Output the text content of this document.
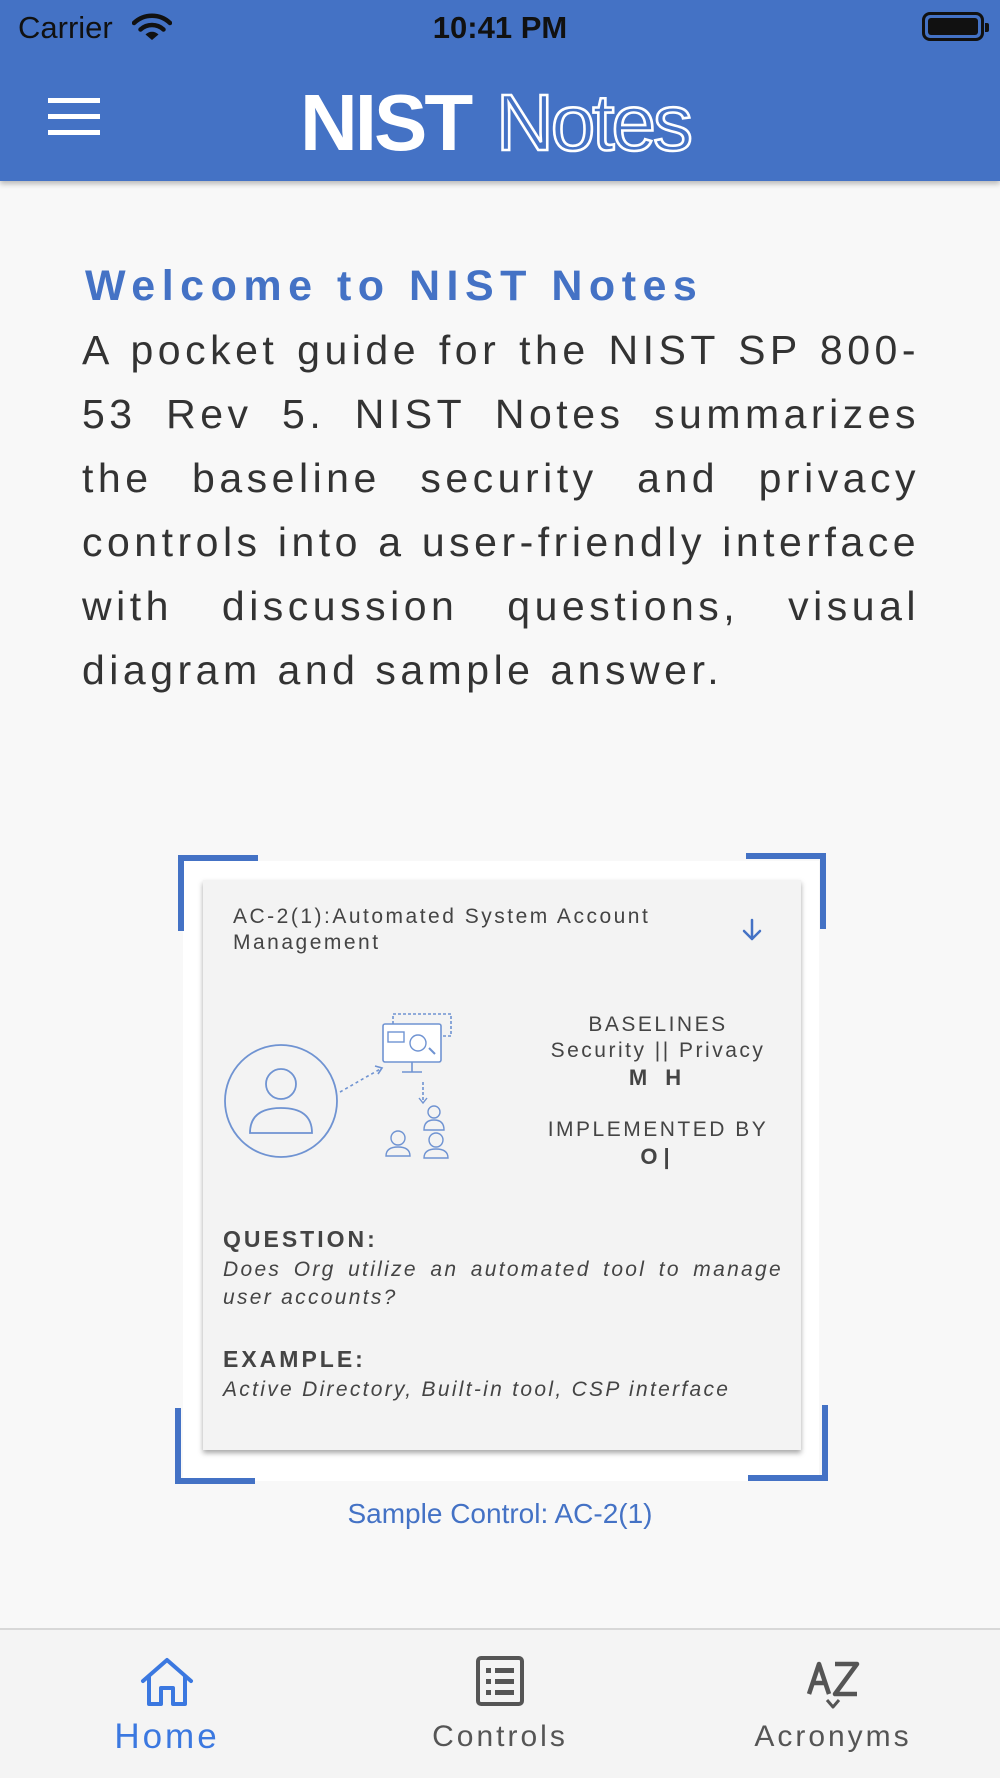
Carrier	10:41 PM
NIST Notes
Welcome to NIST Notes
A pocket guide for the NIST SP 800-53 Rev 5. NIST Notes summarizes the baseline security and privacy controls into a user-friendly interface with discussion questions, visual diagram and sample answer.
AC-2(1):Automated System Account Management
BASELINES
Security || Privacy
M H
IMPLEMENTED BY
O|
QUESTION:
Does Org utilize an automated tool to manage user accounts?
EXAMPLE:
Active Directory, Built-in tool, CSP interface
Sample Control: AC-2(1)
Home	Controls	Acronyms
